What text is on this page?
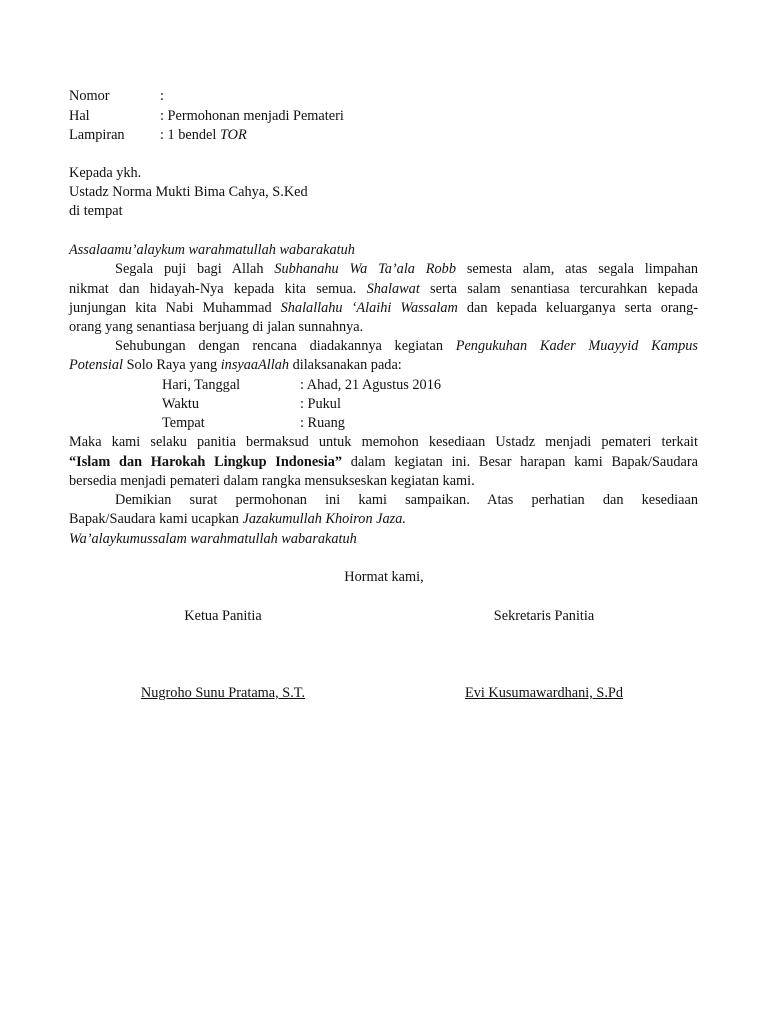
Nomor	:
Hal	: Permohonan menjadi Pemateri
Lampiran : 1 bendel TOR
Kepada ykh.
Ustadz Norma Mukti Bima Cahya, S.Ked
di tempat
Assalaamu’alaykum warahmatullah wabarakatuh
Segala puji bagi Allah Subhanahu Wa Ta’ala Robb semesta alam, atas segala limpahan
nikmat dan hidayah-Nya kepada kita semua. Shalawat serta salam senantiasa tercurahkan kepada
junjungan kita Nabi Muhammad Shalallahu ‘Alaihi Wassalam dan kepada keluarganya serta orang-
orang yang senantiasa berjuang di jalan sunnahnya.
Sehubungan dengan rencana diadakannya kegiatan Pengukuhan Kader Muayyid Kampus
Potensial Solo Raya yang insyaaAllah dilaksanakan pada:
Hari, Tanggal	: Ahad, 21 Agustus 2016
Waktu	: Pukul
Tempat	: Ruang
Maka kami selaku panitia bermaksud untuk memohon kesediaan Ustadz menjadi pemateri terkait
“Islam dan Harokah Lingkup Indonesia” dalam kegiatan ini. Besar harapan kami Bapak/Saudara
bersedia menjadi pemateri dalam rangka mensukseskan kegiatan kami.
Demikian surat permohonan ini kami sampaikan. Atas perhatian dan kesediaan
Bapak/Saudara kami ucapkan Jazakumullah Khoiron Jaza.
Wa’alaykumussalam warahmatullah wabarakatuh
Hormat kami,
Ketua Panitia	Sekretaris Panitia
Nugroho Sunu Pratama, S.T.	Evi Kusumawardhani, S.Pd
